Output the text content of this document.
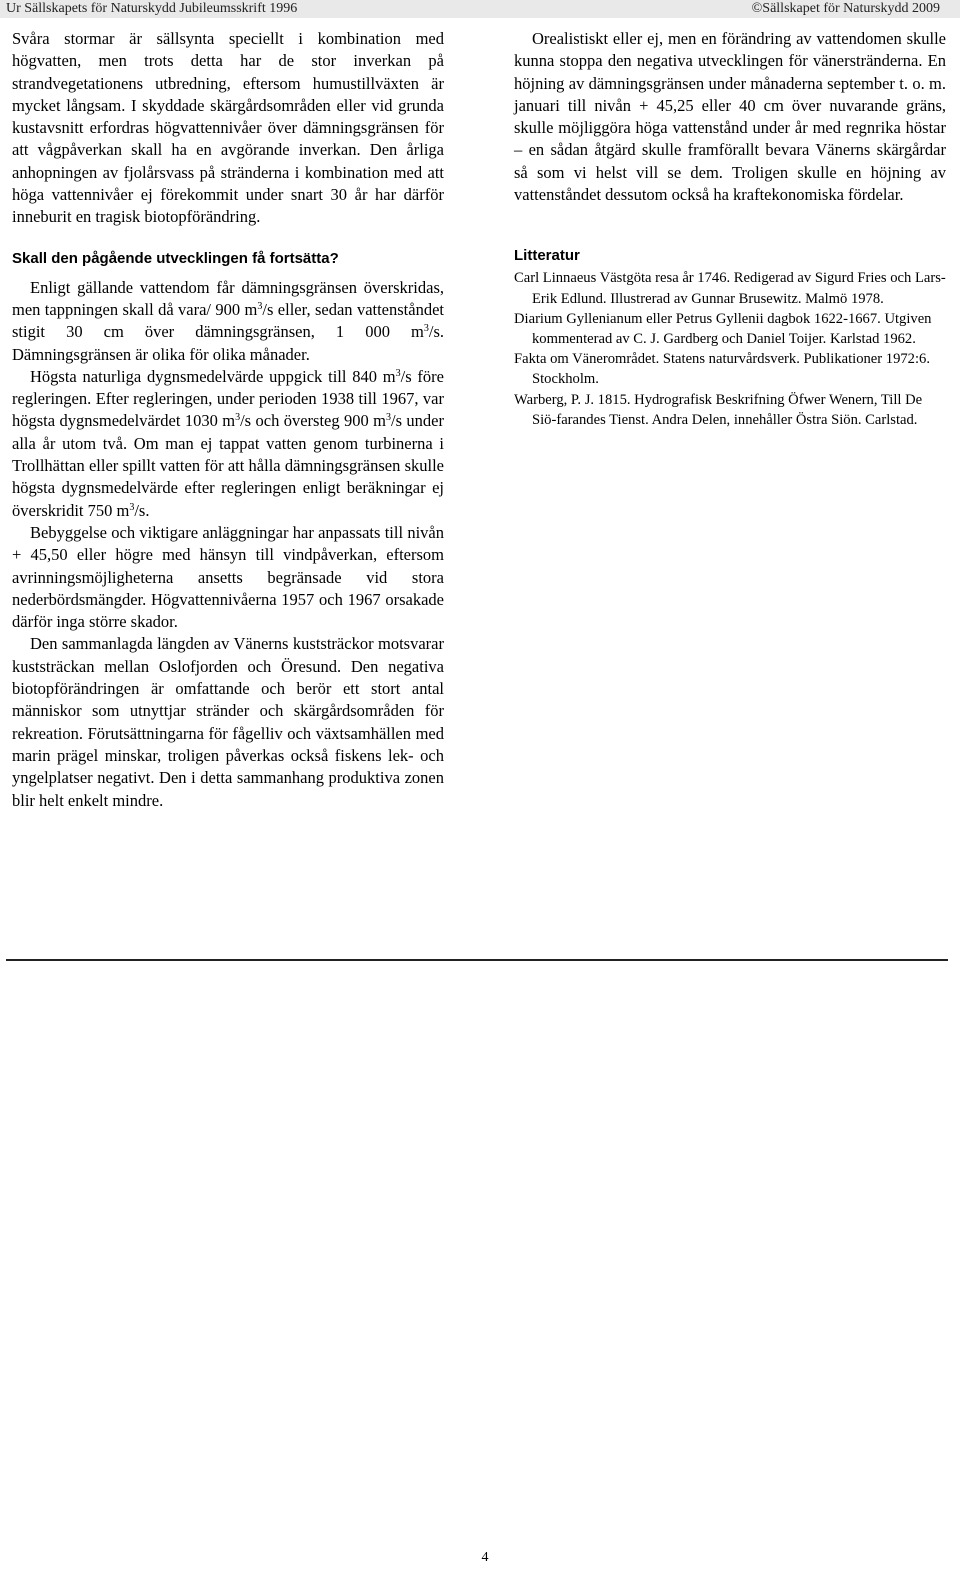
Ur Sällskapets för Naturskydd Jubileumsskrift 1996	©Sällskapet för Naturskydd 2009

Svåra stormar är sällsynta speciellt i kombination med högvatten, men trots detta har de stor inverkan på strandvegetationens utbredning, eftersom humustillväxten är mycket långsam. I skyddade skärgårdsområden eller vid grunda kustavsnitt erfordras högvattennivåer över dämningsgränsen för att vågpåverkan skall ha en avgörande inverkan. Den årliga anhopningen av fjolårsvass på stränderna i kombination med att höga vattennivåer ej förekommit under snart 30 år har därför inneburit en tragisk biotopförändring.

Skall den pågående utvecklingen få fortsätta?

Enligt gällande vattendom får dämningsgränsen överskridas, men tappningen skall då vara/ 900 $m^3/s$ eller, sedan vattenståndet stigit 30 cm över dämningsgränsen, 1 000 $m^3/s$. Dämningsgränsen är olika för olika månader.

Högsta naturliga dygnsmedelvärde uppgick till 840 $m^3/s$ före regleringen. Efter regleringen, under perioden 1938 till 1967, var högsta dygnsmedelvärdet 1030 $m^3/s$ och översteg 900 $m^3/s$ under alla år utom två. Om man ej tappat vatten genom turbinerna i Trollhättan eller spillt vatten för att hålla dämningsgränsen skulle högsta dygnsmedelvärde efter regleringen enligt beräkningar ej överskridit 750 $m^3/s$.

Bebyggelse och viktigare anläggningar har anpassats till nivån + 45,50 eller högre med hänsyn till vindpåverkan, eftersom avrinningsmöjligheterna ansetts begränsade vid stora nederbördsmängder. Högvattennivåerna 1957 och 1967 orsakade därför inga större skador.

Den sammanlagda längden av Vänerns kuststräckor motsvarar kuststräckan mellan Oslofjorden och Öresund. Den negativa biotopförändringen är omfattande och berör ett stort antal människor som utnyttjar stränder och skärgårdsområden för rekreation. Förutsättningarna för fågelliv och växtsamhällen med marin prägel minskar, troligen påverkas också fiskens lek- och yngelplatser negativt. Den i detta sammanhang produktiva zonen blir helt enkelt mindre.

Orealistiskt eller ej, men en förändring av vattendomen skulle kunna stoppa den negativa utvecklingen för vänerstränderna. En höjning av dämningsgränsen under månaderna september t. o. m. januari till nivån + 45,25 eller 40 cm över nuvarande gräns, skulle möjliggöra höga vattenstånd under år med regnrika höstar – en sådan åtgärd skulle framförallt bevara Vänerns skärgårdar så som vi helst vill se dem. Troligen skulle en höjning av vattenståndet dessutom också ha kraftekonomiska fördelar.

Litteratur
Carl Linnaeus Västgöta resa år 1746. Redigerad av Sigurd Fries och Lars-Erik Edlund. Illustrerad av Gunnar Brusewitz. Malmö 1978.
Diarium Gyllenianum eller Petrus Gyllenii dagbok 1622-1667. Utgiven kommenterad av C. J. Gardberg och Daniel Toijer. Karlstad 1962.
Fakta om Vänerområdet. Statens naturvårdsverk. Publikationer 1972:6. Stockholm.
Warberg, P. J. 1815. Hydrografisk Beskrifning Öfwer Wenern, Till De Siö-farandes Tienst. Andra Delen, innehåller Östra Siön. Carlstad.
4
